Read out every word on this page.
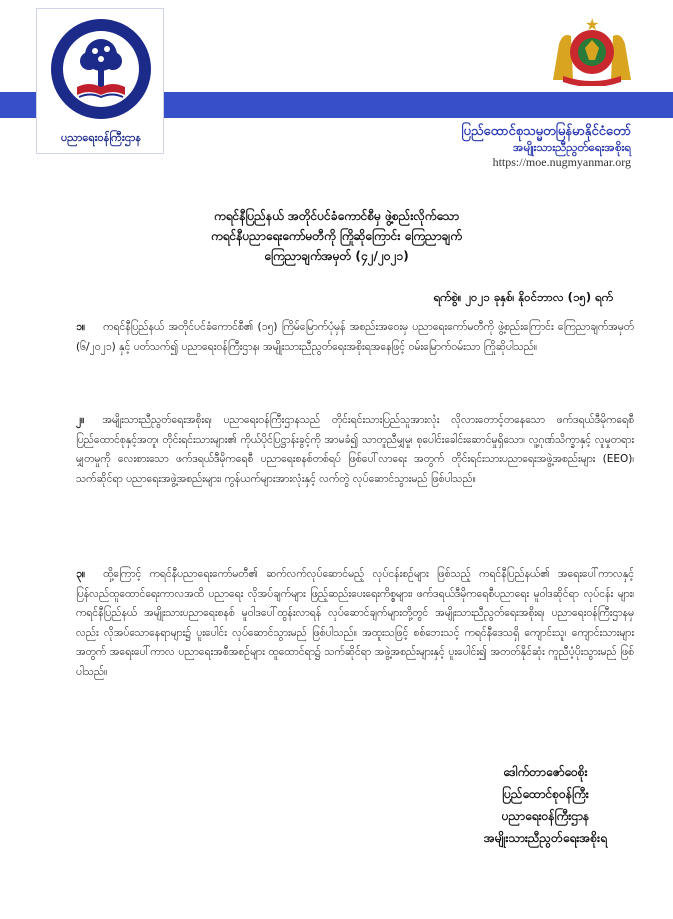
★	★
ပညာရေးဝန်ကြီးဌာန
★
ပြည်ထောင်စုသမ္မတမြန်မာနိုင်ငံတော်
အမျိုးသားညီညွတ်ရေးအစိုးရ
https://moe.nugmyanmar.org
ကရင်နီပြည်နယ် အတိုင်ပင်ခံကောင်စီမှ ဖွဲ့စည်းလိုက်သော
ကရင်နီပညာရေးကော်မတီကို ကြိုဆိုကြောင်း ကြေညာချက်
ကြေညာချက်အမှတ် (၄၂/၂၀၂၁)
ရက်စွဲ။ ၂၀၂၁ ခုနှစ်၊ နိုဝင်ဘာလ (၁၅) ရက်
၁။ ကရင်နီပြည်နယ် အတိုင်ပင်ခံကောင်စီ၏ (၁၅) ကြိမ်မြောက်ပုံမှန် အစည်းအဝေးမှ ပညာရေးကော်မတီကို ဖွဲ့စည်းကြောင်း ကြေညာချက်အမှတ် (၆/၂၀၂၁) နှင့် ပတ်သက်၍ ပညာရေးဝန်ကြီးဌာန၊ အမျိုးသားညီညွတ်ရေးအစိုးရအနေဖြင့် ဝမ်းမြောက်ဝမ်းသာ ကြိုဆိုပါသည်။
၂။ အမျိုးသားညီညွတ်ရေးအစိုးရ၊ ပညာရေးဝန်ကြီးဌာနသည် တိုင်းရင်းသားပြည်သူအားလုံး လိုလားတောင့်တနေသော ဖက်ဒရယ်ဒီမိုကရေစီပြည်ထောင်စုနှင့်အတူ၊ တိုင်းရင်းသားများ၏ ကိုယ်ပိုင်ပြဋ္ဌာန်းခွင့်ကို အာမခံ၍ သာတူညီမျှမှု၊ စုပေါင်းခေါင်းဆောင်မှုရှိသော၊ လူ့ဂုဏ်သိက္ခာနှင့် လူမှုတရားမျှတမှုကို လေးစားသော ဖက်ဒရယ်ဒီမိုကရေစီ ပညာရေးစနစ်တစ်ရပ် ဖြစ်ပေါ်လာရေး အတွက် တိုင်းရင်းသားပညာရေးအဖွဲ့အစည်းများ (EEO)၊ သက်ဆိုင်ရာ ပညာရေးအဖွဲ့အစည်းများ၊ ကွန်ယက်များအားလုံးနှင့် လက်တွဲ လုပ်ဆောင်သွားမည် ဖြစ်ပါသည်။
၃။ ထို့ကြောင့် ကရင်နီပညာရေးကော်မတီ၏ ဆက်လက်လုပ်ဆောင်မည့် လုပ်ငန်းစဉ်များ ဖြစ်သည့် ကရင်နီပြည်နယ်၏ အရေးပေါ်ကာလနှင့် ပြန်လည်ထူထောင်ရေးကာလအထိ ပညာရေး လိုအပ်ချက်များ ဖြည့်ဆည်းပေးရေးကိစ္စများ၊ ဖက်ဒရယ်ဒီမိုကရေစီပညာရေး မူဝါဒဆိုင်ရာ လုပ်ငန်း များ၊ ကရင်နီပြည်နယ် အမျိုးသားပညာရေးစနစ် မူဝါဒပေါ်ထွန်းလာရန် လုပ်ဆောင်ချက်များတို့တွင် အမျိုးသားညီညွတ်ရေးအစိုးရ၊ ပညာရေးဝန်ကြီးဌာနမှလည်း လိုအပ်သောနေရာများ၌ ပူးပေါင်း လုပ်ဆောင်သွားမည် ဖြစ်ပါသည်။ အထူးသဖြင့် စစ်ဘေးသင့် ကရင်နီဒေသရှိ ကျောင်းသူ၊ ကျောင်းသားများအတွက် အရေးပေါ်ကာလ ပညာရေးအစီအစဉ်များ ထူထောင်ရာ၌ သက်ဆိုင်ရာ အဖွဲ့အစည်းများနှင့် ပူးပေါင်း၍ အတတ်နိုင်ဆုံး ကူညီပံ့ပိုးသွားမည် ဖြစ်ပါသည်။
ဒေါက်တာဇော်ဝေစိုး
ပြည်ထောင်စုဝန်ကြီး
ပညာရေးဝန်ကြီးဌာန
အမျိုးသားညီညွတ်ရေးအစိုးရ
